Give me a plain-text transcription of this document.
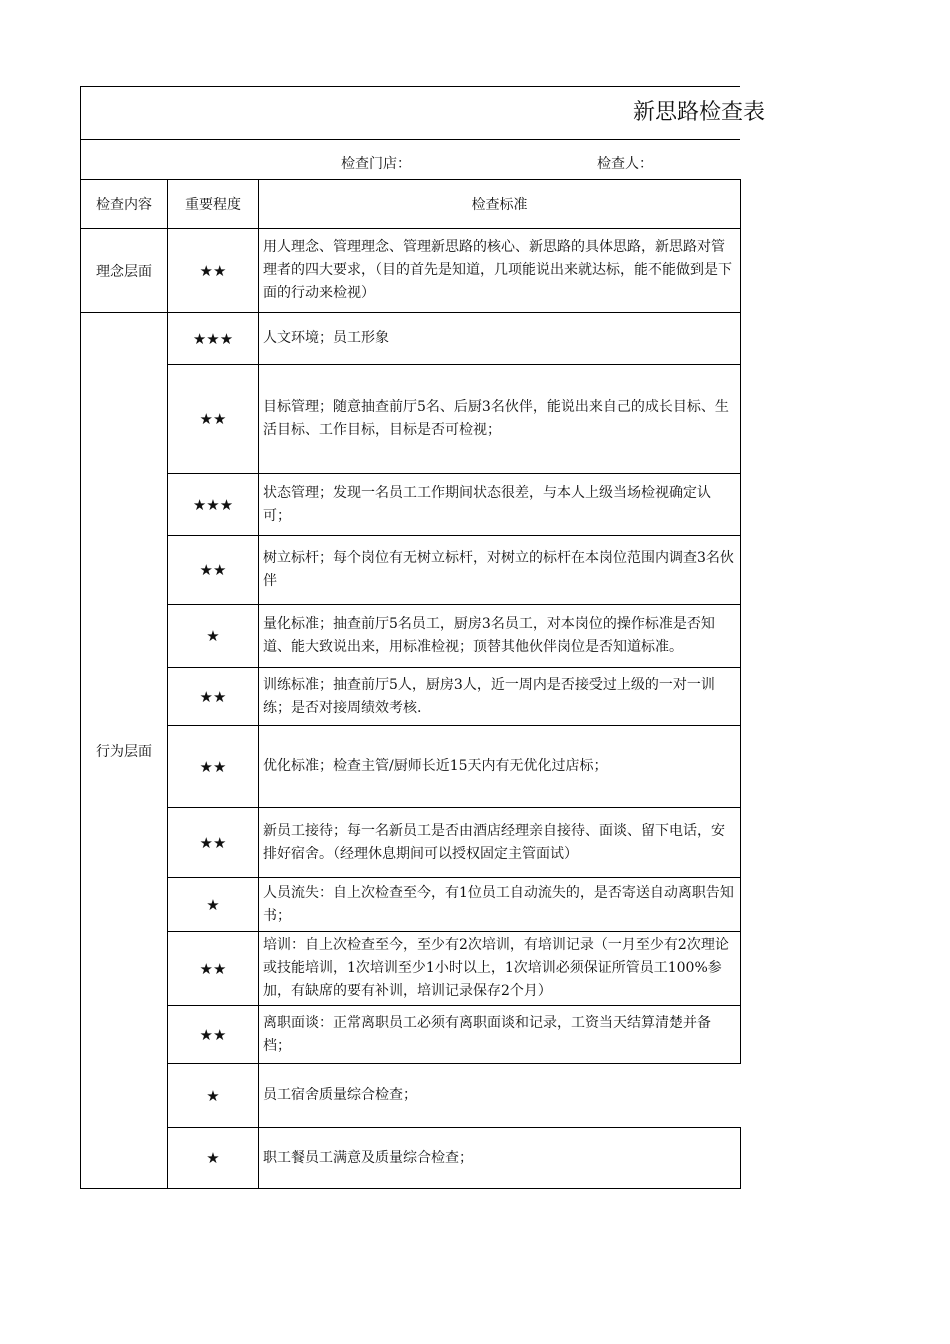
新思路检查表
检查门店：	检查人：
检查内容	重要程度	检查标准
理念层面	★★	用人理念、管理理念、管理新思路的核心、新思路的具体思路，新思路对管理者的四大要求，（目的首先是知道，几项能说出来就达标，能不能做到是下面的行动来检视）
行为层面	★★★	人文环境；员工形象
	★★	目标管理；随意抽查前厅5名、后厨3名伙伴，能说出来自己的成长目标、生活目标、工作目标，目标是否可检视；
	★★★	状态管理；发现一名员工工作期间状态很差，与本人上级当场检视确定认可；
	★★	树立标杆；每个岗位有无树立标杆，对树立的标杆在本岗位范围内调查3名伙伴
	★	量化标准；抽查前厅5名员工，厨房3名员工，对本岗位的操作标准是否知道、能大致说出来，用标准检视；顶替其他伙伴岗位是否知道标准。
	★★	训练标准；抽查前厅5人，厨房3人，近一周内是否接受过上级的一对一训练；是否对接周绩效考核.
	★★	优化标准；检查主管/厨师长近15天内有无优化过店标；
	★★	新员工接待；每一名新员工是否由酒店经理亲自接待、面谈、留下电话，安排好宿舍。（经理休息期间可以授权固定主管面试）
	★	人员流失：自上次检查至今，有1位员工自动流失的，是否寄送自动离职告知书；
	★★	培训：自上次检查至今，至少有2次培训，有培训记录（一月至少有2次理论或技能培训，1次培训至少1小时以上，1次培训必须保证所管员工100%参加，有缺席的要有补训，培训记录保存2个月）
	★★	离职面谈：正常离职员工必须有离职面谈和记录，工资当天结算清楚并备档；
	★	员工宿舍质量综合检查；
	★	职工餐员工满意及质量综合检查；
